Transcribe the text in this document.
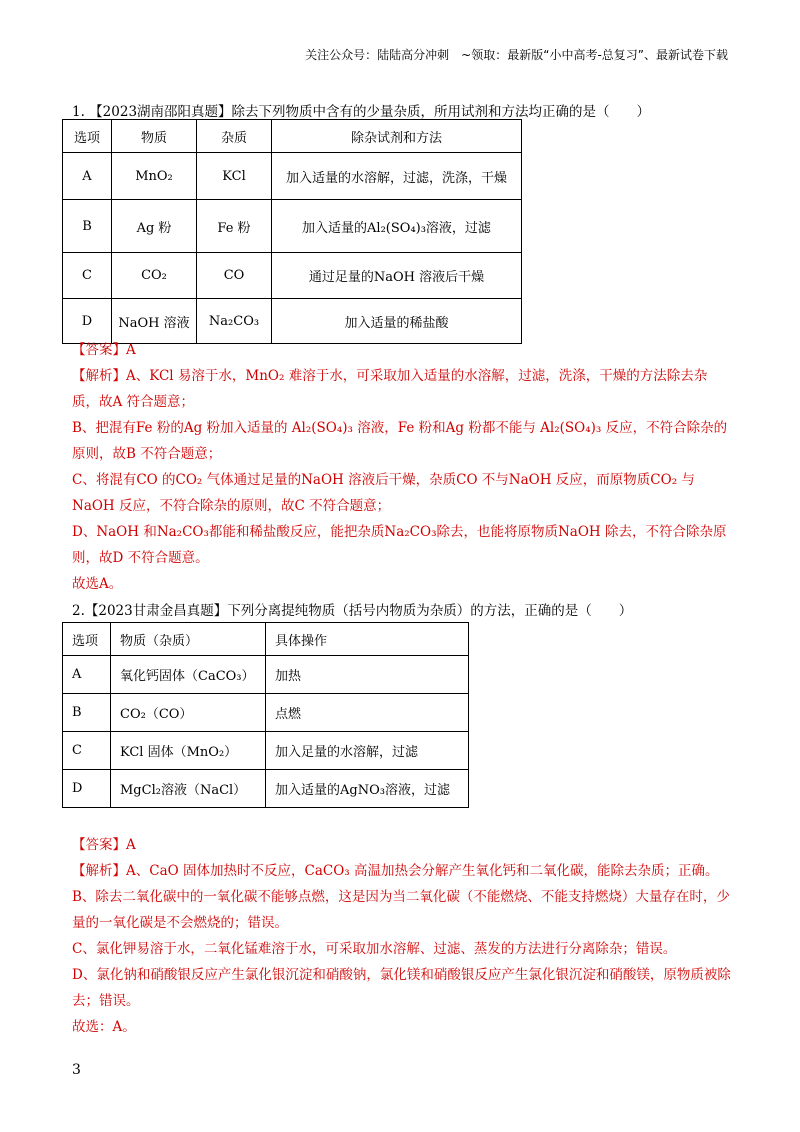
关注公众号：陆陆高分冲刺　~领取：最新版“小中高考-总复习”、最新试卷下载
1. 【2023湖南邵阳真题】除去下列物质中含有的少量杂质，所用试剂和方法均正确的是（　　）
选项	物质	杂质	除杂试剂和方法
A	MnO₂	KCl	加入适量的水溶解，过滤，洗涤，干燥
B	Ag 粉	Fe 粉	加入适量的Al₂(SO₄)₃溶液，过滤
C	CO₂	CO	通过足量的NaOH 溶液后干燥
D	NaOH 溶液	Na₂CO₃	加入适量的稀盐酸

【答案】A

【解析】A、KCl 易溶于水，MnO₂ 难溶于水，可采取加入适量的水溶解，过滤，洗涤，干燥的方法除去杂质，故A 符合题意；

B、把混有Fe 粉的Ag 粉加入适量的 Al₂(SO₄)₃ 溶液，Fe 粉和Ag 粉都不能与 Al₂(SO₄)₃ 反应，不符合除杂的原则，故B 不符合题意；

C、将混有CO 的CO₂ 气体通过足量的NaOH 溶液后干燥，杂质CO 不与NaOH 反应，而原物质CO₂ 与NaOH 反应，不符合除杂的原则，故C 不符合题意；

D、NaOH 和Na₂CO₃都能和稀盐酸反应，能把杂质Na₂CO₃除去，也能将原物质NaOH 除去，不符合除杂原则，故D 不符合题意。

故选A。

2.【2023甘肃金昌真题】下列分离提纯物质（括号内物质为杂质）的方法，正确的是（　　）
选项	物质（杂质）	具体操作
A	氧化钙固体（CaCO₃）	加热
B	CO₂（CO）	点燃
C	KCl 固体（MnO₂）	加入足量的水溶解，过滤
D	MgCl₂溶液（NaCl）	加入适量的AgNO₃溶液，过滤

【答案】A

【解析】A、CaO 固体加热时不反应，CaCO₃ 高温加热会分解产生氧化钙和二氧化碳，能除去杂质；正确。

B、除去二氧化碳中的一氧化碳不能够点燃，这是因为当二氧化碳（不能燃烧、不能支持燃烧）大量存在时，少量的一氧化碳是不会燃烧的；错误。

C、氯化钾易溶于水，二氧化锰难溶于水，可采取加水溶解、过滤、蒸发的方法进行分离除杂；错误。

D、氯化钠和硝酸银反应产生氯化银沉淀和硝酸钠，氯化镁和硝酸银反应产生氯化银沉淀和硝酸镁，原物质被除去；错误。

故选：A。

3
